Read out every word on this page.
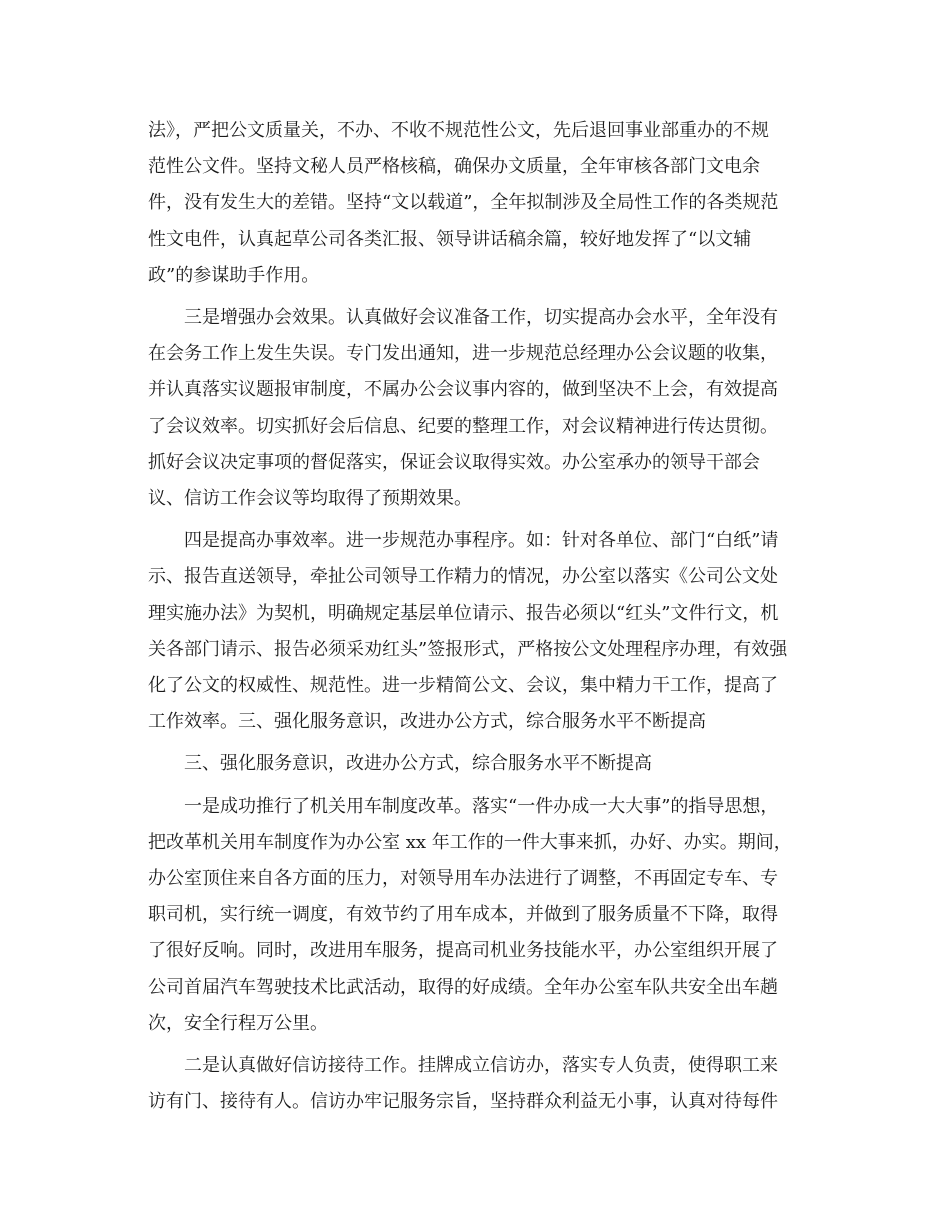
法》，严把公文质量关，不办、不收不规范性公文，先后退回事业部重办的不规
范性公文件。坚持文秘人员严格核稿，确保办文质量，全年审核各部门文电余
件，没有发生大的差错。坚持“文以载道”，全年拟制涉及全局性工作的各类规范
性文电件，认真起草公司各类汇报、领导讲话稿余篇，较好地发挥了“以文辅
政”的参谋助手作用。
三是增强办会效果。认真做好会议准备工作，切实提高办会水平，全年没有
在会务工作上发生失误。专门发出通知，进一步规范总经理办公会议题的收集，
并认真落实议题报审制度，不属办公会议事内容的，做到坚决不上会，有效提高
了会议效率。切实抓好会后信息、纪要的整理工作，对会议精神进行传达贯彻。
抓好会议决定事项的督促落实，保证会议取得实效。办公室承办的领导干部会
议、信访工作会议等均取得了预期效果。
四是提高办事效率。进一步规范办事程序。如：针对各单位、部门“白纸”请
示、报告直送领导，牵扯公司领导工作精力的情况，办公室以落实《公司公文处
理实施办法》为契机，明确规定基层单位请示、报告必须以“红头”文件行文，机
关各部门请示、报告必须采劝红头”签报形式，严格按公文处理程序办理，有效强
化了公文的权威性、规范性。进一步精简公文、会议，集中精力干工作，提高了
工作效率。三、强化服务意识，改进办公方式，综合服务水平不断提高
三、强化服务意识，改进办公方式，综合服务水平不断提高
一是成功推行了机关用车制度改革。落实“一件办成一大大事”的指导思想，
把改革机关用车制度作为办公室 xx 年工作的一件大事来抓，办好、办实。期间，
办公室顶住来自各方面的压力，对领导用车办法进行了调整，不再固定专车、专
职司机，实行统一调度，有效节约了用车成本，并做到了服务质量不下降，取得
了很好反响。同时，改进用车服务，提高司机业务技能水平，办公室组织开展了
公司首届汽车驾驶技术比武活动，取得的好成绩。全年办公室车队共安全出车趟
次，安全行程万公里。
二是认真做好信访接待工作。挂牌成立信访办，落实专人负责，使得职工来
访有门、接待有人。信访办牢记服务宗旨，坚持群众利益无小事，认真对待每件
